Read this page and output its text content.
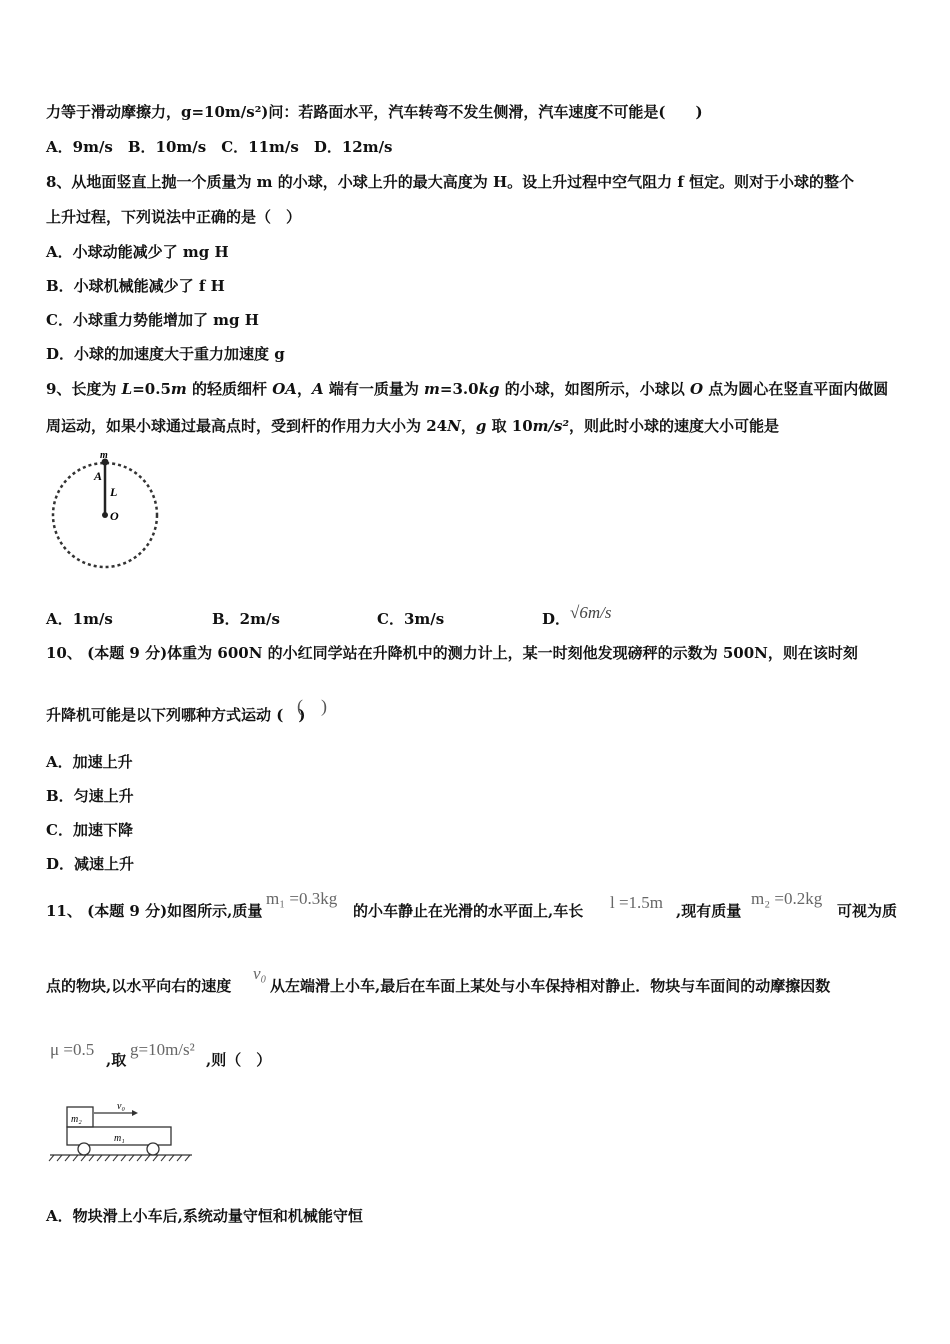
力等于滑动摩擦力，g=10m/s²)问：若路面水平，汽车转弯不发生侧滑，汽车速度不可能是(　　)
A．9m/s　B．10m/s　C．11m/s　D．12m/s
8、从地面竖直上抛一个质量为 m 的小球，小球上升的最大高度为 H。设上升过程中空气阻力 f 恒定。则对于小球的整个
上升过程，下列说法中正确的是（　）
A．小球动能减少了 mg H
B．小球机械能减少了 f H
C．小球重力势能增加了 mg H
D．小球的加速度大于重力加速度 g
9、长度为 L=0.5m 的轻质细杆 OA，A 端有一质量为 m=3.0kg 的小球，如图所示，小球以 O 点为圆心在竖直平面内做圆
周运动，如果小球通过最高点时，受到杆的作用力大小为 24N，g 取 10m/s²，则此时小球的速度大小可能是
m
A
L
O
A．1m/s	B．2m/s	C．3m/s	D． √6m/s
10、 (本题 9 分)体重为 600N 的小红同学站在升降机中的测力计上，某一时刻他发现磅秤的示数为 500N，则在该时刻
升降机可能是以下列哪种方式运动 (　)
(　)
A．加速上升
B．匀速上升
C．加速下降
D．减速上升
11、 (本题 9 分)如图所示,质量
m₁ =0.3kg
的小车静止在光滑的水平面上,车长 l =1.5m ,现有质量
m₂ =0.2kg
可视为质
点的物块,以水平向右的速度
v₀
从左端滑上小车,最后在车面上某处与小车保持相对静止．物块与车面间的动摩擦因数
μ =0.5
,取
g=10m/s²
,则（　）
m₂
v₀
m₁
A．物块滑上小车后,系统动量守恒和机械能守恒
